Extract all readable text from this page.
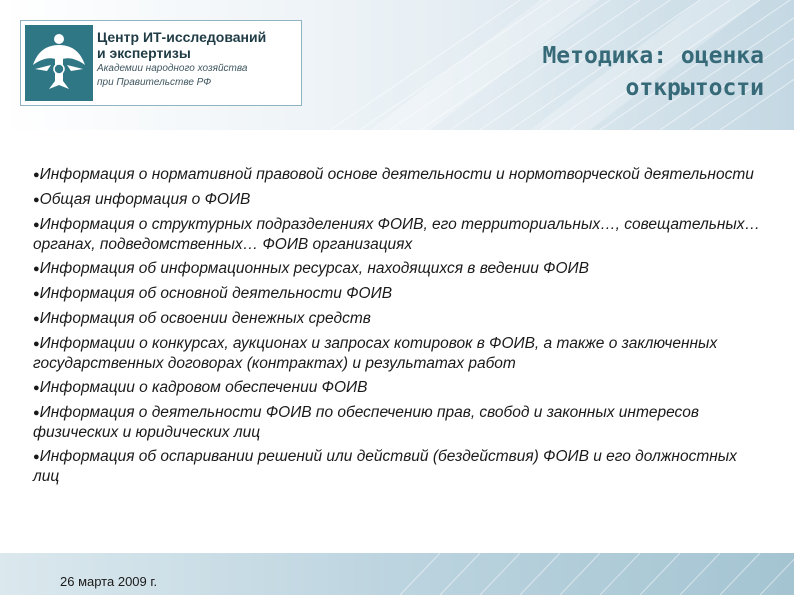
Центр ИТ-исследований
и экспертизы
Академии народного хозяйства
при Правительстве РФ
Методика: оценка
открытости
●Информация о нормативной правовой основе деятельности и нормотворческой деятельности
●Общая информация о ФОИВ
●Информация о структурных подразделениях ФОИВ, его территориальных…, совещательных… органах, подведомственных… ФОИВ организациях
●Информация об информационных ресурсах, находящихся в ведении ФОИВ
●Информация об основной деятельности ФОИВ
●Информация об освоении денежных средств
●Информации о конкурсах, аукционах и запросах котировок в ФОИВ, а также о заключенных государственных договорах (контрактах) и результатах работ
●Информации о кадровом обеспечении ФОИВ
●Информация о деятельности ФОИВ по обеспечению прав, свобод и законных интересов физических и юридических лиц
●Информация об оспаривании решений или действий (бездействия) ФОИВ и его должностных лиц
26 марта 2009 г.
